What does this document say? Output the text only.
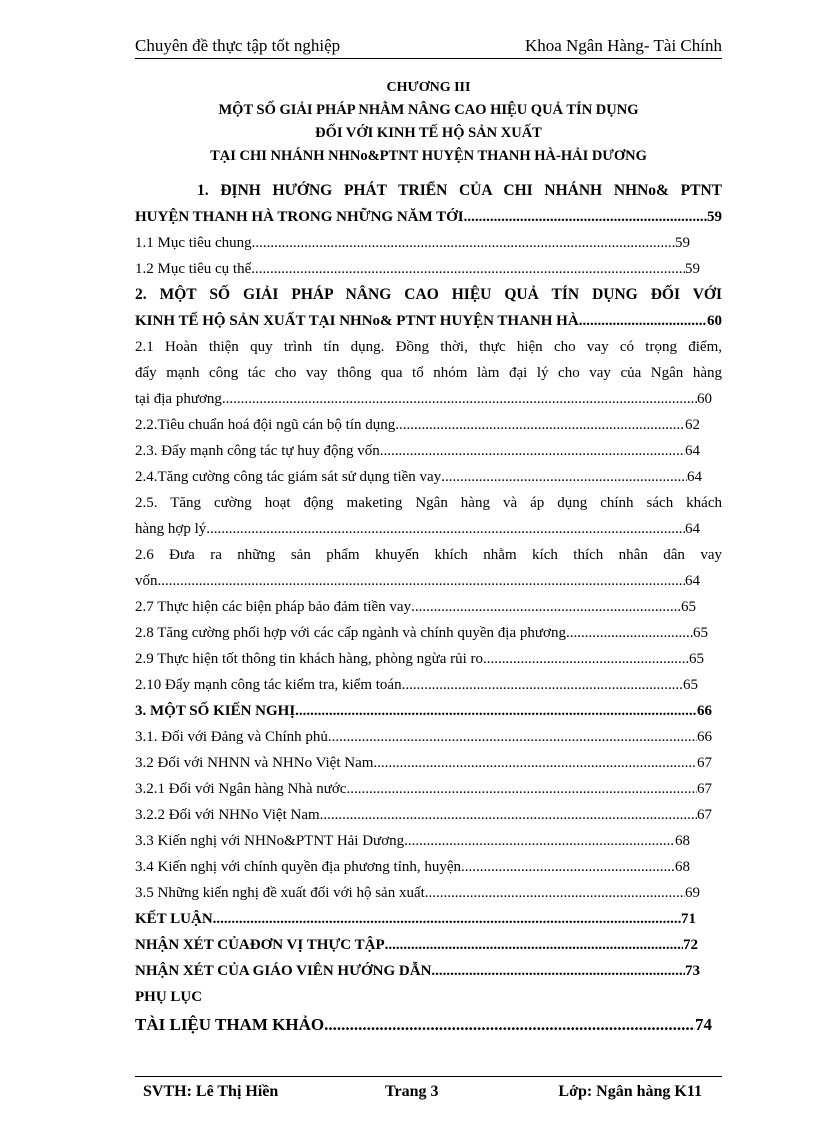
Chuyên đề thực tập tốt nghiệp	Khoa Ngân Hàng- Tài Chính
CHƯƠNG III
MỘT SỐ GIẢI PHÁP NHẰM NÂNG CAO HIỆU QUẢ TÍN DỤNG
ĐỐI VỚI KINH TẾ HỘ SẢN XUẤT
TẠI CHI NHÁNH NHNo&PTNT HUYỆN THANH HÀ-HẢI DƯƠNG
1. ĐỊNH HƯỚNG PHÁT TRIỂN CỦA CHI NHÁNH NHNo& PTNT
HUYỆN THANH HÀ TRONG NHỮNG NĂM TỚI .....	59
1.1 Mục tiêu chung .....	59
1.2 Mục tiêu cụ thể .....	59
2. MỘT SỐ GIẢI PHÁP NÂNG CAO HIỆU QUẢ TÍN DỤNG ĐỐI VỚI
KINH TẾ HỘ SẢN XUẤT TẠI NHNo& PTNT HUYỆN THANH HÀ .....	60
2.1 Hoàn thiện quy trình tín dụng. Đồng thời, thực hiện cho vay có trọng điểm,
đẩy mạnh công tác cho vay thông qua tổ nhóm làm đại lý cho vay của Ngân hàng
tại địa phương .....	60
2.2.Tiêu chuẩn hoá đội ngũ cán bộ tín dụng .....	62
2.3. Đẩy mạnh công tác tự huy động vốn .....	64
2.4.Tăng cường công tác giám sát sử dụng tiền vay .....	64
2.5. Tăng cường hoạt động maketing Ngân hàng và áp dụng chính sách khách
hàng hợp lý .....	64
2.6 Đưa ra những sản phẩm khuyến khích nhằm kích thích nhân dân vay
vốn .....	64
2.7 Thực hiện các biện pháp bảo đảm tiền vay .....	65
2.8 Tăng cường phối hợp với các cấp ngành và chính quyền địa phương .....	65
2.9 Thực hiện tốt thông tin khách hàng, phòng ngừa rủi ro .....	65
2.10 Đẩy mạnh công tác kiểm tra, kiểm toán .....	65
3. MỘT SỐ KIẾN NGHỊ .....	66
3.1. Đối với Đảng và Chính phủ .....	66
3.2 Đối với NHNN và NHNo Việt Nam .....	67
3.2.1 Đối với Ngân hàng Nhà nước .....	67
3.2.2 Đối với NHNo Việt Nam .....	67
3.3 Kiến nghị với NHNo&PTNT Hải Dương .....	68
3.4 Kiến nghị với chính quyền địa phương tỉnh, huyện .....	68
3.5 Những kiến nghị đề xuất đối với hộ sản xuất .....	69
KẾT LUẬN .....	71
NHẬN XÉT CỦAĐƠN VỊ THỰC TẬP .....	72
NHẬN XÉT CỦA GIÁO VIÊN HƯỚNG DẪN .....	73
PHỤ LỤC
TÀI LIỆU THAM KHẢO .....	74
SVTH: Lê Thị Hiền	Trang 3	Lớp: Ngân hàng K11
